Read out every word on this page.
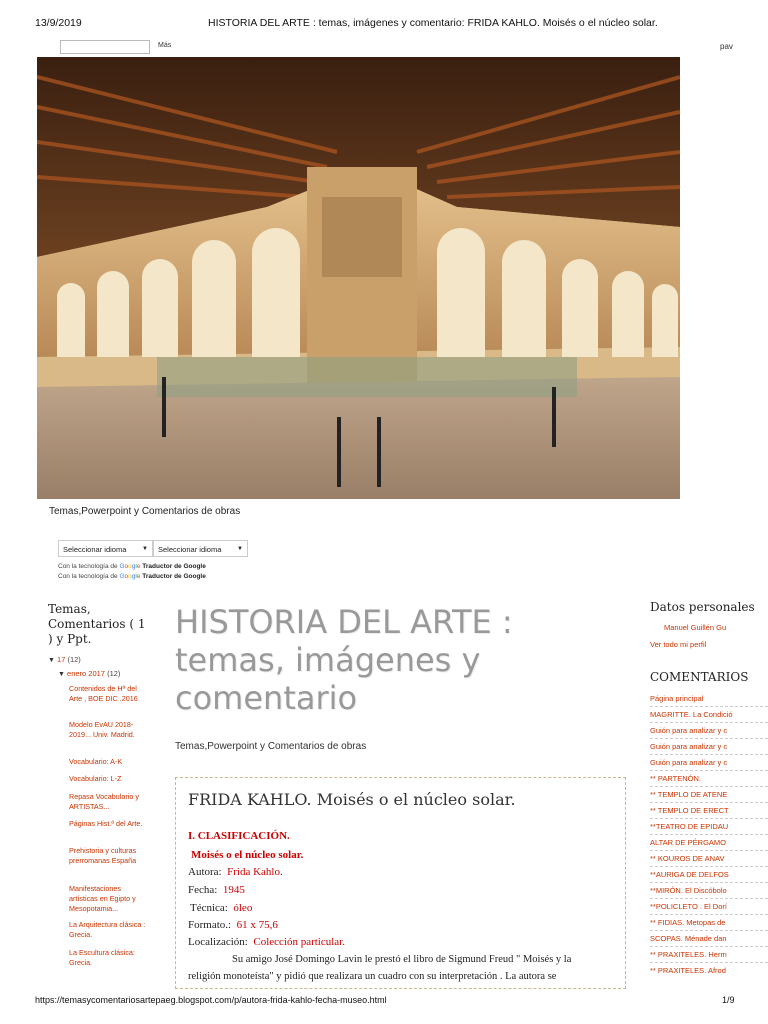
13/9/2019	HISTORIA DEL ARTE : temas, imágenes y comentario: FRIDA KAHLO. Moisés o el núcleo solar.
Más	pav
Temas,Powerpoint y Comentarios de obras
Seleccionar idioma	▼	Seleccionar idioma	▼
Con la tecnología de Google Traductor de Google
Con la tecnología de Google Traductor de Google
Temas, Comentarios ( 1 ) y Ppt.
▼ 17 (12)
▼ enero 2017 (12)
Contenidos de Hª del Arte , BOE DIC .2016
Modelo EvAU 2018-2019... Univ. Madrid.
Vocabulario: A-K
Vocabulario: L-Z
Repasa Vocabulario y ARTISTAS...
Páginas Hist.ª del Arte.
Prehistoria y culturas prerromanas España
Manifestaciones artísticas en Egipto y Mesopotamia...
La Arquitectura clásica : Grecia.
La Escultura clásica: Grecia.
HISTORIA DEL ARTE : temas, imágenes y comentario
Temas,Powerpoint y Comentarios de obras
FRIDA KAHLO. Moisés o el núcleo solar.
I. CLASIFICACIÓN.
Moisés o el núcleo solar.
Autora: Frida Kahlo.
Fecha: 1945
Técnica: óleo
Formato.: 61 x 75,6
Localización: Colección particular.
Su amigo José Domingo Lavin le prestó el libro de Sigmund Freud " Moisés y la
religión monoteísta" y pidió que realizara un cuadro con su interpretación . La autora se
Datos personales
Manuel Guillén Gu
Ver todo mi perfil
COMENTARIOS
Página principal
MAGRITTE. La Condició
Guión para analizar y c
Guión para analizar y c
Guión para analizar y c
** PARTENÓN.
** TEMPLO DE ATENE
** TEMPLO DE ERECT
**TEATRO DE EPIDAU
ALTAR DE PÉRGAMO
** KOUROS DE ANAV
**AURIGA DE DELFOS
**MIRÓN. El Discóbolo
**POLICLETO . El Dorí
** FIDIAS. Metopas de
SCOPAS. Ménade dan
** PRAXITELES. Herm
** PRAXITELES. Afrod
https://temasycomentariosartepaeg.blogspot.com/p/autora-frida-kahlo-fecha-museo.html	1/9
